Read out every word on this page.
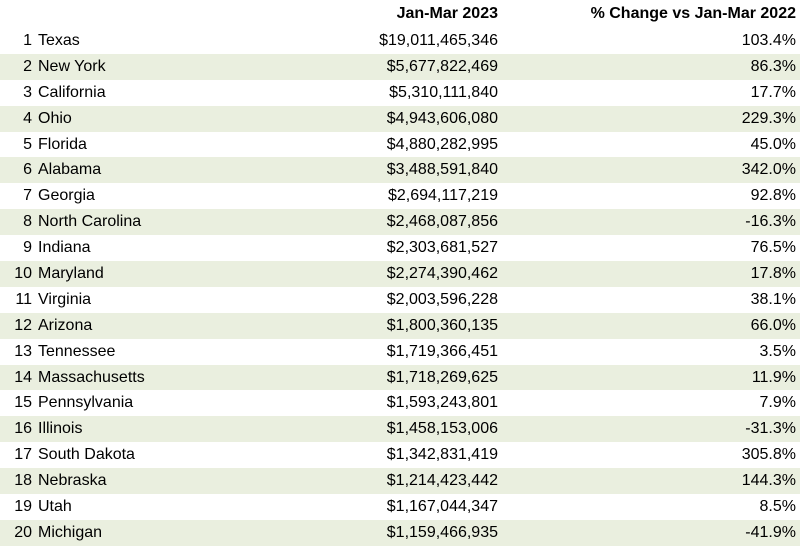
Jan-Mar 2023	% Change vs Jan-Mar 2022
1 Texas	$19,011,465,346	103.4%
2 New York	$5,677,822,469	86.3%
3 California	$5,310,111,840	17.7%
4 Ohio	$4,943,606,080	229.3%
5 Florida	$4,880,282,995	45.0%
6 Alabama	$3,488,591,840	342.0%
7 Georgia	$2,694,117,219	92.8%
8 North Carolina	$2,468,087,856	-16.3%
9 Indiana	$2,303,681,527	76.5%
10 Maryland	$2,274,390,462	17.8%
11 Virginia	$2,003,596,228	38.1%
12 Arizona	$1,800,360,135	66.0%
13 Tennessee	$1,719,366,451	3.5%
14 Massachusetts	$1,718,269,625	11.9%
15 Pennsylvania	$1,593,243,801	7.9%
16 Illinois	$1,458,153,006	-31.3%
17 South Dakota	$1,342,831,419	305.8%
18 Nebraska	$1,214,423,442	144.3%
19 Utah	$1,167,044,347	8.5%
20 Michigan	$1,159,466,935	-41.9%
